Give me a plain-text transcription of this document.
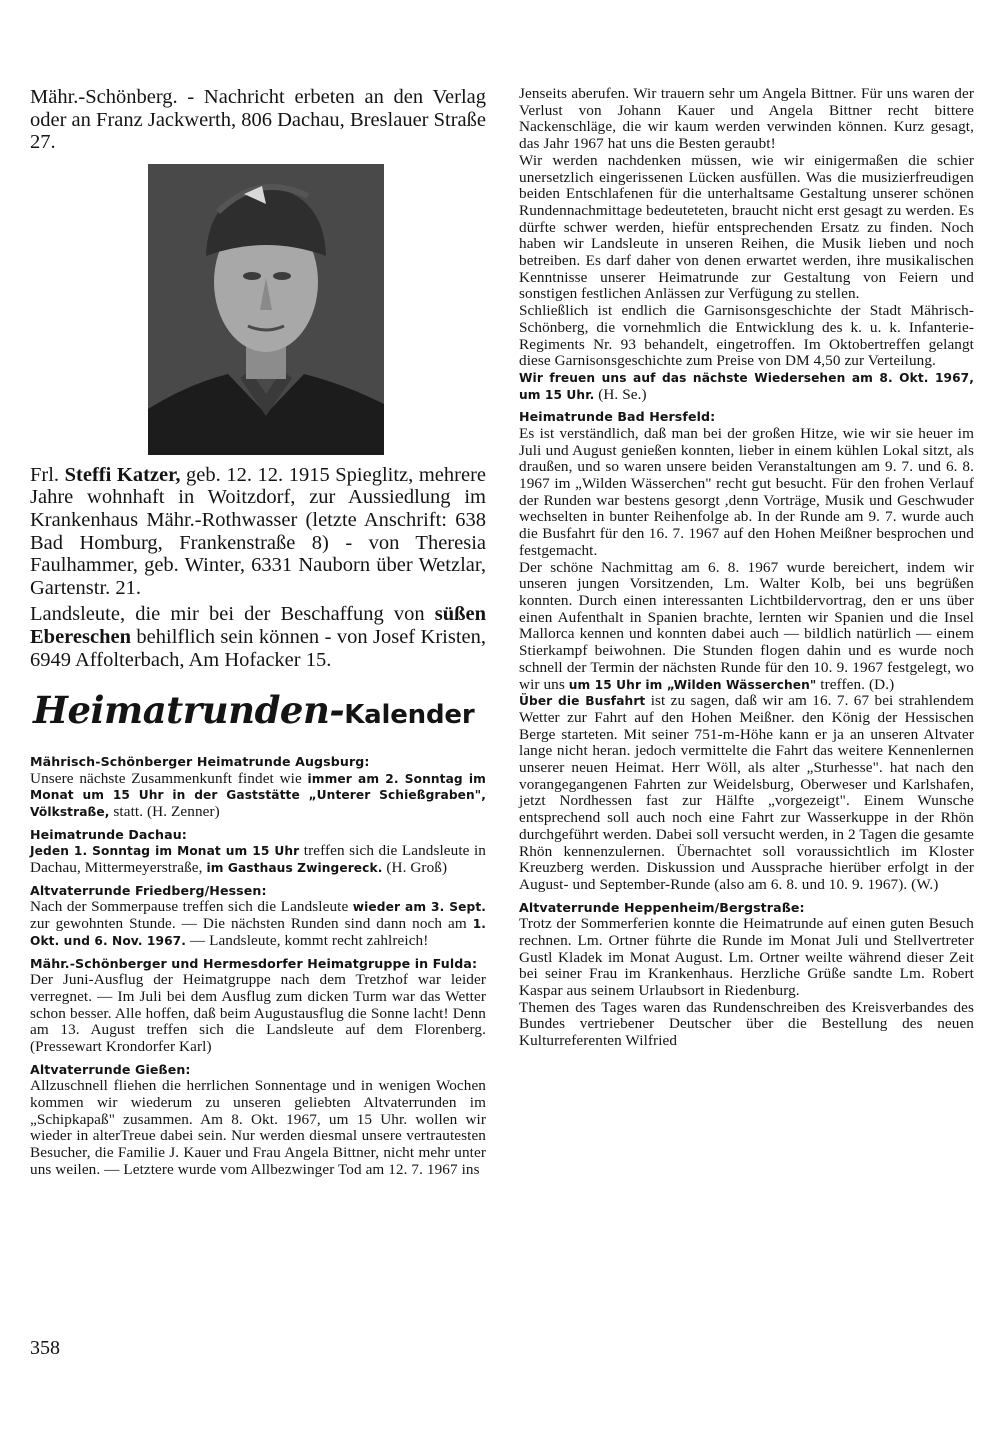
Mähr.-Schönberg. - Nachricht erbeten an den Verlag oder an Franz Jackwerth, 806 Dachau, Breslauer Straße 27.

Frl. Steffi Katzer, geb. 12. 12. 1915 Spieglitz, mehrere Jahre wohnhaft in Woitzdorf, zur Aussiedlung im Krankenhaus Mähr.-Rothwasser (letzte Anschrift: 638 Bad Homburg, Frankenstraße 8) - von Theresia Faulhammer, geb. Winter, 6331 Nauborn über Wetzlar, Gartenstr. 21.

Landsleute, die mir bei der Beschaffung von süßen Ebereschen behilflich sein können - von Josef Kristen, 6949 Affolterbach, Am Hofacker 15.

Heimatrunden-Kalender

Mährisch-Schönberger Heimatrunde Augsburg:

Unsere nächste Zusammenkunft findet wie immer am 2. Sonntag im Monat um 15 Uhr in der Gaststätte „Unterer Schießgraben", Völkstraße, statt. (H. Zenner)

Heimatrunde Dachau:

Jeden 1. Sonntag im Monat um 15 Uhr treffen sich die Landsleute in Dachau, Mittermeyerstraße, im Gasthaus Zwingereck. (H. Groß)

Altvaterrunde Friedberg/Hessen:

Nach der Sommerpause treffen sich die Landsleute wieder am 3. Sept. zur gewohnten Stunde. — Die nächsten Runden sind dann noch am 1. Okt. und 6. Nov. 1967. — Landsleute, kommt recht zahlreich!

Mähr.-Schönberger und Hermesdorfer Heimatgruppe in Fulda:

Der Juni-Ausflug der Heimatgruppe nach dem Tretzhof war leider verregnet. — Im Juli bei dem Ausflug zum dicken Turm war das Wetter schon besser. Alle hoffen, daß beim Augustausflug die Sonne lacht! Denn am 13. August treffen sich die Landsleute auf dem Florenberg. (Pressewart Krondorfer Karl)

Altvaterrunde Gießen:

Allzuschnell fliehen die herrlichen Sonnentage und in wenigen Wochen kommen wir wiederum zu unseren geliebten Altvaterrunden im „Schipkapaß" zusammen. Am 8. Okt. 1967, um 15 Uhr. wollen wir wieder in alterTreue dabei sein. Nur werden diesmal unsere vertrautesten Besucher, die Familie J. Kauer und Frau Angela Bittner, nicht mehr unter uns weilen. — Letztere wurde vom Allbezwinger Tod am 12. 7. 1967 ins

Jenseits aberufen. Wir trauern sehr um Angela Bittner. Für uns waren der Verlust von Johann Kauer und Angela Bittner recht bittere Nackenschläge, die wir kaum werden verwinden können. Kurz gesagt, das Jahr 1967 hat uns die Besten geraubt!

Wir werden nachdenken müssen, wie wir einigermaßen die schier unersetzlich eingerissenen Lücken ausfüllen. Was die musizierfreudigen beiden Entschlafenen für die unterhaltsame Gestaltung unserer schönen Rundennachmittage bedeuteteten, braucht nicht erst gesagt zu werden. Es dürfte schwer werden, hiefür entsprechenden Ersatz zu finden. Noch haben wir Landsleute in unseren Reihen, die Musik lieben und noch betreiben. Es darf daher von denen erwartet werden, ihre musikalischen Kenntnisse unserer Heimatrunde zur Gestaltung von Feiern und sonstigen festlichen Anlässen zur Verfügung zu stellen.

Schließlich ist endlich die Garnisonsgeschichte der Stadt Mährisch-Schönberg, die vornehmlich die Entwicklung des k. u. k. Infanterie-Regiments Nr. 93 behandelt, eingetroffen. Im Oktobertreffen gelangt diese Garnisonsgeschichte zum Preise von DM 4,50 zur Verteilung.

Wir freuen uns auf das nächste Wiedersehen am 8. Okt. 1967, um 15 Uhr. (H. Se.)

Heimatrunde Bad Hersfeld:

Es ist verständlich, daß man bei der großen Hitze, wie wir sie heuer im Juli und August genießen konnten, lieber in einem kühlen Lokal sitzt, als draußen, und so waren unsere beiden Veranstaltungen am 9. 7. und 6. 8. 1967 im „Wilden Wässerchen" recht gut besucht. Für den frohen Verlauf der Runden war bestens gesorgt ,denn Vorträge, Musik und Geschwuder wechselten in bunter Reihenfolge ab. In der Runde am 9. 7. wurde auch die Busfahrt für den 16. 7. 1967 auf den Hohen Meißner besprochen und festgemacht.

Der schöne Nachmittag am 6. 8. 1967 wurde bereichert, indem wir unseren jungen Vorsitzenden, Lm. Walter Kolb, bei uns begrüßen konnten. Durch einen interessanten Lichtbildervortrag, den er uns über einen Aufenthalt in Spanien brachte, lernten wir Spanien und die Insel Mallorca kennen und konnten dabei auch — bildlich natürlich — einem Stierkampf beiwohnen. Die Stunden flogen dahin und es wurde noch schnell der Termin der nächsten Runde für den 10. 9. 1967 festgelegt, wo wir uns um 15 Uhr im „Wilden Wässerchen" treffen. (D.)

Über die Busfahrt ist zu sagen, daß wir am 16. 7. 67 bei strahlendem Wetter zur Fahrt auf den Hohen Meißner. den König der Hessischen Berge starteten. Mit seiner 751-m-Höhe kann er ja an unseren Altvater lange nicht heran. jedoch vermittelte die Fahrt das weitere Kennenlernen unserer neuen Heimat. Herr Wöll, als alter „Sturhesse". hat nach den vorangegangenen Fahrten zur Weidelsburg, Oberweser und Karlshafen, jetzt Nordhessen fast zur Hälfte „vorgezeigt". Einem Wunsche entsprechend soll auch noch eine Fahrt zur Wasserkuppe in der Rhön durchgeführt werden. Dabei soll versucht werden, in 2 Tagen die gesamte Rhön kennenzulernen. Übernachtet soll voraussichtlich im Kloster Kreuzberg werden. Diskussion und Aussprache hierüber erfolgt in der August- und September-Runde (also am 6. 8. und 10. 9. 1967). (W.)

Altvaterrunde Heppenheim/Bergstraße:

Trotz der Sommerferien konnte die Heimatrunde auf einen guten Besuch rechnen. Lm. Ortner führte die Runde im Monat Juli und Stellvertreter Gustl Kladek im Monat August. Lm. Ortner weilte während dieser Zeit bei seiner Frau im Krankenhaus. Herzliche Grüße sandte Lm. Robert Kaspar aus seinem Urlaubsort in Riedenburg.

Themen des Tages waren das Rundenschreiben des Kreisverbandes des Bundes vertriebener Deutscher über die Bestellung des neuen Kulturreferenten Wilfried

358
